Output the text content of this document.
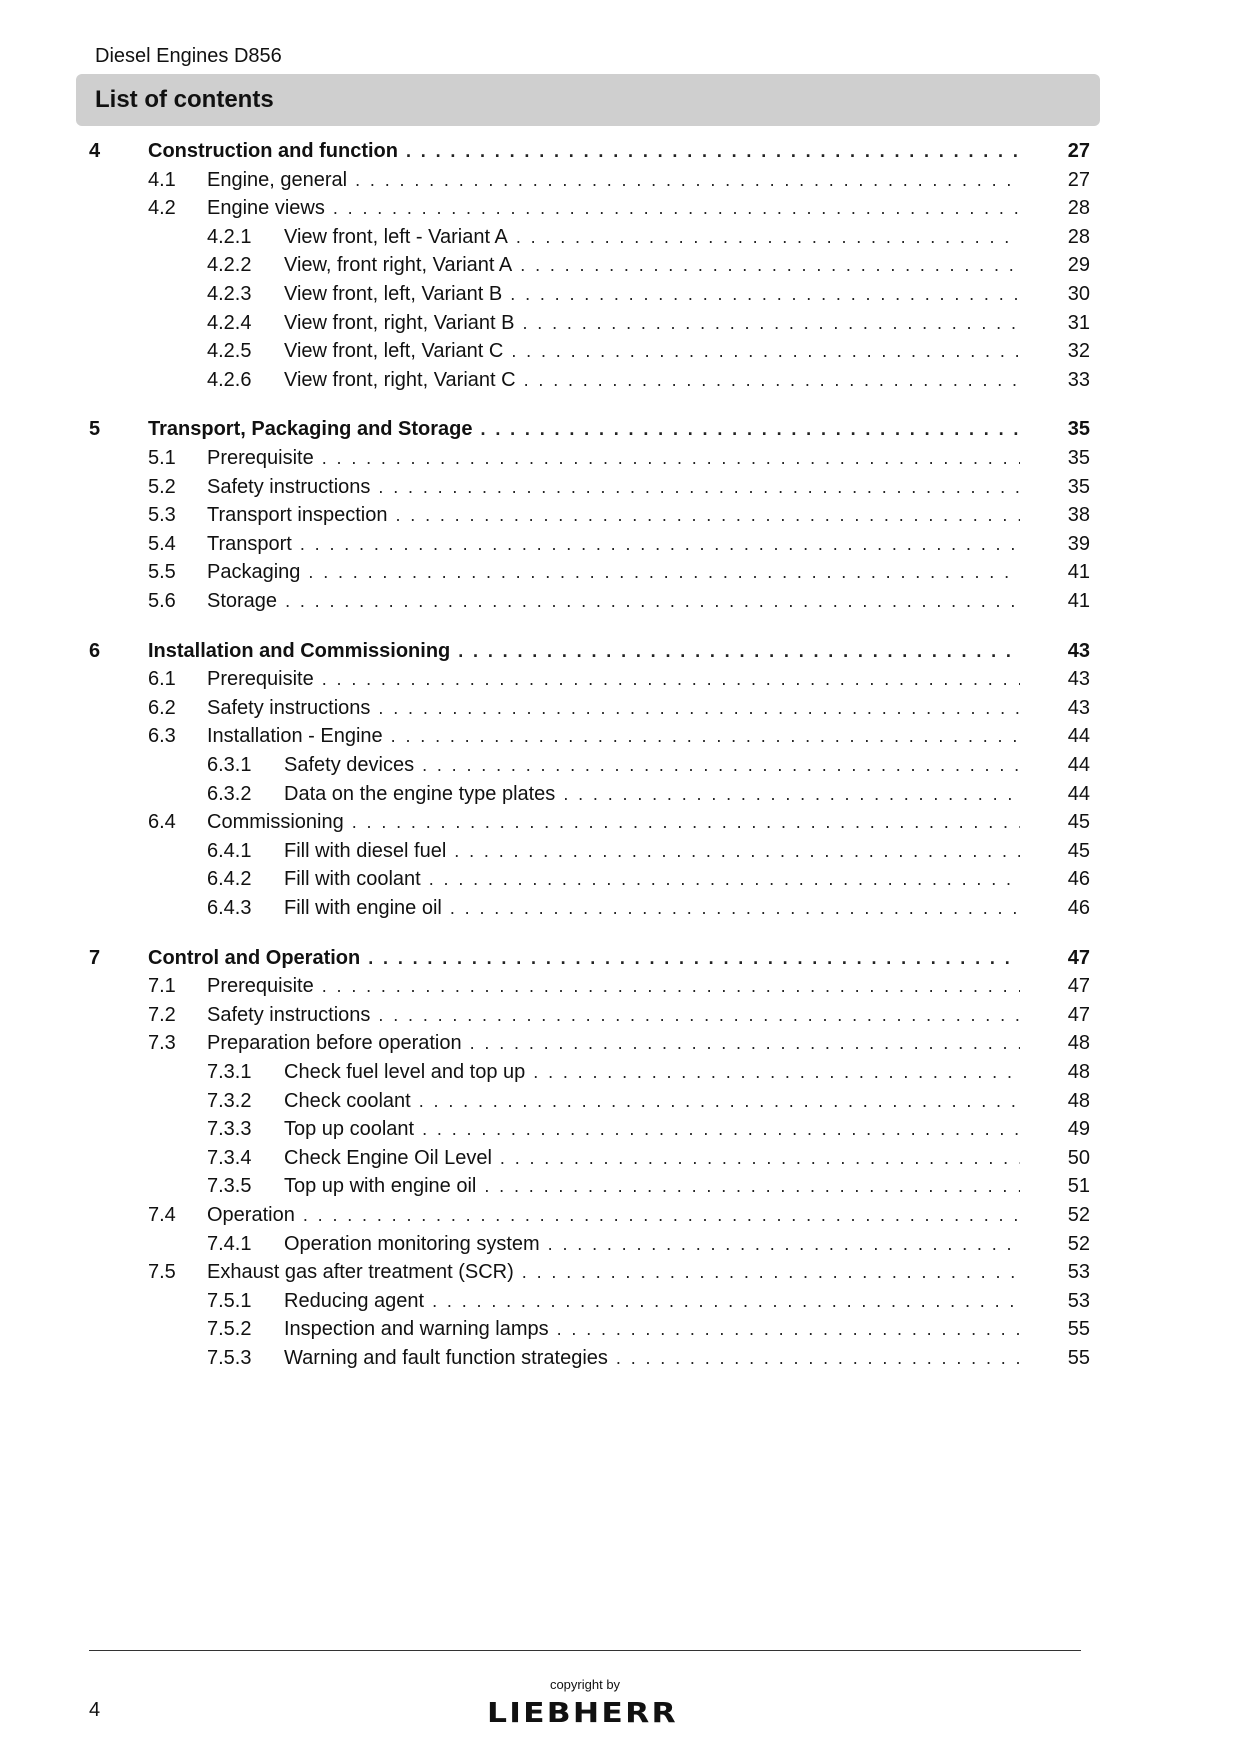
Diesel Engines D856
List of contents
4 Construction and function . . .	27
4.1 Engine, general . . .	27
4.2 Engine views . . .	28
4.2.1 View front, left - Variant A . . .	28
4.2.2 View, front right, Variant A . . .	29
4.2.3 View front, left, Variant B . . .	30
4.2.4 View front, right, Variant B . . .	31
4.2.5 View front, left, Variant C . . .	32
4.2.6 View front, right, Variant C . . .	33
5 Transport, Packaging and Storage . . .	35
5.1 Prerequisite . . .	35
5.2 Safety instructions . . .	35
5.3 Transport inspection . . .	38
5.4 Transport . . .	39
5.5 Packaging . . .	41
5.6 Storage . . .	41
6 Installation and Commissioning . . .	43
6.1 Prerequisite . . .	43
6.2 Safety instructions . . .	43
6.3 Installation - Engine . . .	44
6.3.1 Safety devices . . .	44
6.3.2 Data on the engine type plates . . .	44
6.4 Commissioning . . .	45
6.4.1 Fill with diesel fuel . . .	45
6.4.2 Fill with coolant . . .	46
6.4.3 Fill with engine oil . . .	46
7 Control and Operation . . .	47
7.1 Prerequisite . . .	47
7.2 Safety instructions . . .	47
7.3 Preparation before operation . . .	48
7.3.1 Check fuel level and top up . . .	48
7.3.2 Check coolant . . .	48
7.3.3 Top up coolant . . .	49
7.3.4 Check Engine Oil Level . . .	50
7.3.5 Top up with engine oil . . .	51
7.4 Operation . . .	52
7.4.1 Operation monitoring system . . .	52
7.5 Exhaust gas after treatment (SCR) . . .	53
7.5.1 Reducing agent . . .	53
7.5.2 Inspection and warning lamps . . .	55
7.5.3 Warning and fault function strategies . . .	55
4
copyright by
LIEBHERR
